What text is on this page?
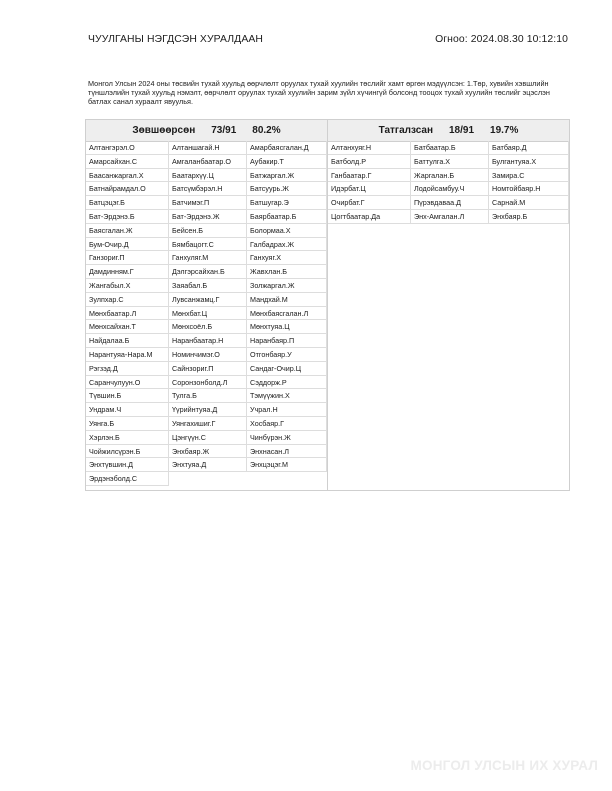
ЧУУЛГАНЫ НЭГДСЭН ХУРАЛДААН	Огноо: 2024.08.30 10:12:10
Монгол Улсын 2024 оны төсвийн тухай хуульд өөрчлөлт оруулах тухай хуулийн төслийг хамт өргөн мэдүүлсэн: 1.Төр, хувийн хэвшлийн түншлэлийн тухай хуульд нэмэлт, өөрчлөлт оруулах тухай хуулийн зарим зүйл хүчингүй болсонд тооцох тухай хуулийн төслийг эцэслэн батлах санал хураалт явуулья.
Зөвшөөрсөн 73/91 80.2%
Алтангэрэл.О	Алтаншагай.Н	Амарбаясгалан.Д
Амарсайхан.С	Амгаланбаатар.О	Аубакир.Т
Баасанжаргал.Х	Баатархүү.Ц	Батжаргал.Ж
Батнайрамдал.О	Батсүмбэрэл.Н	Батсуурь.Ж
Батцэцэг.Б	Батчимэг.П	Батшугар.Э
Бат-Эрдэнэ.Б	Бат-Эрдэнэ.Ж	Баярбаатар.Б
Баясгалан.Ж	Бейсен.Б	Болормаа.Х
Бум-Очир.Д	Бямбацогт.С	Галбадрах.Ж
Ганзориг.П	Ганхуляг.М	Ганхуяг.Х
Дамдинням.Г	Дэлгэрсайхан.Б	Жавхлан.Б
Жангабыл.Х	Заяабал.Б	Золжаргал.Ж
Зулпхар.С	Лувсанжамц.Г	Мандхай.М
Мөнхбаатар.Л	Мөнхбат.Ц	Мөнхбаясгалан.Л
Мөнхсайхан.Т	Мөнхсоёл.Б	Мөнхтуяа.Ц
Найдалаа.Б	Наранбаатар.Н	Наранбаяр.П
Нарантуяа-Нара.М	Номинчимэг.О	Отгонбаяр.У
Рэгзэд.Д	Сайнзориг.П	Сандаг-Очир.Ц
Саранчулуун.О	Соронзонболд.Л	Сэддорж.Р
Түвшин.Б	Тулга.Б	Тэмүүжин.Х
Ундрам.Ч	Үүрийнтуяа.Д	Учрал.Н
Уянга.Б	Уянгахишиг.Г	Хосбаяр.Г
Хэрлэн.Б	Цэнгүүн.С	Чинбүрэн.Ж
Чойжилсүрэн.Б	Энхбаяр.Ж	Энхнасан.Л
Энхтүвшин.Д	Энхтуяа.Д	Энхцэцэг.М
Эрдэнэболд.С
Татгалзсан 18/91 19.7%
Алтанхуяг.Н	Батбаатар.Б	Батбаяр.Д
Батболд.Р	Баттулга.Х	Булгантуяа.Х
Ганбаатар.Г	Жаргалан.Б	Замира.С
Идэрбат.Ц	Лодойсамбуу.Ч	Номтойбаяр.Н
Очирбат.Г	Пүрэвдаваа.Д	Сарнай.М
Цогтбаатар.Да	Энх-Амгалан.Л	Энхбаяр.Б
МОНГОЛ УЛСЫН ИХ ХУРАЛ
